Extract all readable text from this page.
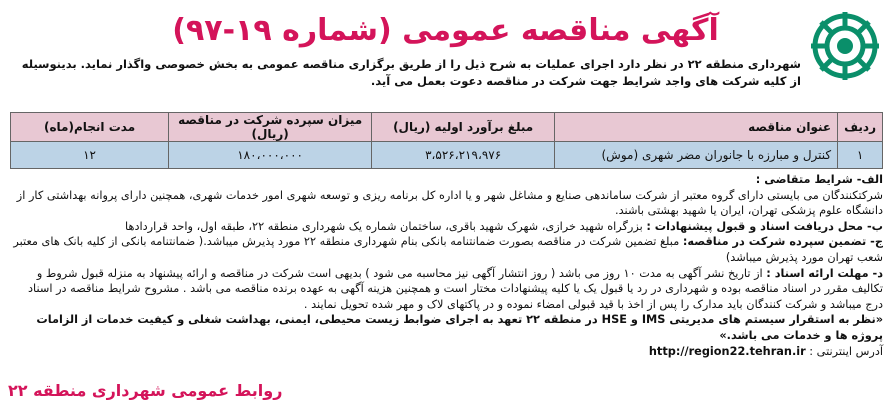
آگهی مناقصه عمومی (شماره ۱۹-۹۷)
شهرداری منطقه ۲۲ در نظر دارد اجرای عملیات به شرح ذیل را از طریق برگزاری مناقصه عمومی به بخش خصوصی واگذار نماید. بدینوسیله از کلیه شرکت های واجد شرایط جهت شرکت در مناقصه دعوت بعمل می آید.
ردیف	عنوان مناقصه	مبلغ برآورد اولیه (ریال)	میزان سپرده شرکت در مناقصه (ریال)	مدت انجام(ماه)
۱	کنترل و مبارزه با جانوران مضر شهری (موش)	۳،۵۲۶،۲۱۹،۹۷۶	۱۸۰،۰۰۰،۰۰۰	۱۲

الف- شرایط متقاضی :

شرکتکنندگان می بایستی دارای گروه معتبر از شرکت ساماندهی صنایع و مشاغل شهر و یا اداره کل برنامه ریزی و توسعه شهری امور خدمات شهری، همچنین دارای پروانه بهداشتی کار از دانشگاه علوم پزشکی تهران، ایران یا شهید بهشتی باشند.

ب- محل دریافت اسناد و قبول پیشنهادات : بزرگراه شهید خرازی، شهرک شهید باقری، ساختمان شماره یک شهرداری منطقه ۲۲، طبقه اول، واحد قراردادها

ج- تضمین سپرده شرکت در مناقصه: مبلغ تضمین شرکت در مناقصه بصورت ضمانتنامه بانکی بنام شهرداری منطقه ۲۲ مورد پذیرش میباشد.( ضمانتنامه بانکی از کلیه بانک های معتبر شعب تهران مورد پذیرش میباشد)

د- مهلت ارائه اسناد : از تاریخ نشر آگهی به مدت ۱۰ روز می باشد ( روز انتشار آگهی نیز محاسبه می شود ) بدیهی است شرکت در مناقصه و ارائه پیشنهاد به منزله قبول شروط و تکالیف مقرر در اسناد مناقصه بوده و شهرداری در رد یا قبول یک یا کلیه پیشنهادات مختار است و همچنین هزینه آگهی به عهده برنده مناقصه می باشد . مشروح شرایط مناقصه در اسناد درج میباشد و شرکت کنندگان باید مدارک را پس از اخذ با قید قبولی امضاء نموده و در پاکتهای لاک و مهر شده تحویل نمایند .

«نظر به استقرار سیستم های مدیریتی IMS و HSE در منطقه ۲۲ تعهد به اجرای ضوابط زیست محیطی، ایمنی، بهداشت شغلی و کیفیت خدمات از الزامات پروژه ها و خدمات می باشد.»

آدرس اینترنتی : http://region22.tehran.ir

روابط عمومی شهرداری منطقه ۲۲
